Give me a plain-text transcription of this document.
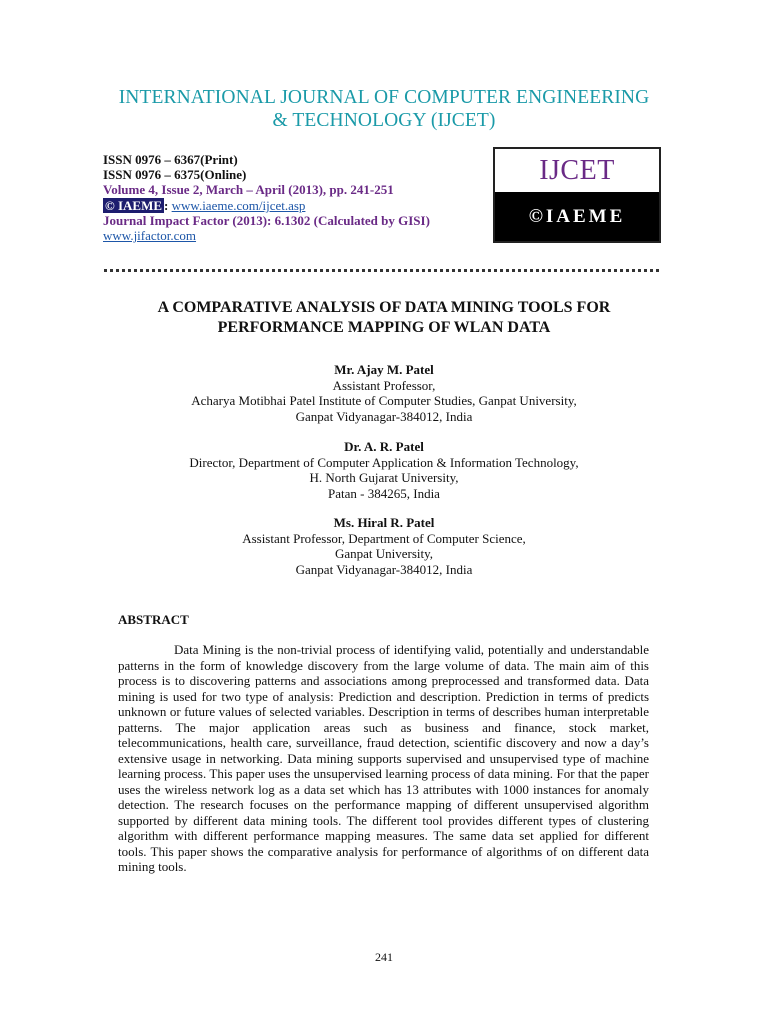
INTERNATIONAL JOURNAL OF COMPUTER ENGINEERING
& TECHNOLOGY (IJCET)
ISSN 0976 – 6367(Print)
ISSN 0976 – 6375(Online)
Volume 4, Issue 2, March – April (2013), pp. 241-251
© IAEME : www.iaeme.com/ijcet.asp
Journal Impact Factor (2013): 6.1302 (Calculated by GISI)
www.jifactor.com
IJCET
©IAEME
A COMPARATIVE ANALYSIS OF DATA MINING TOOLS FOR
PERFORMANCE MAPPING OF WLAN DATA
Mr. Ajay M. Patel
Assistant Professor,
Acharya Motibhai Patel Institute of Computer Studies, Ganpat University,
Ganpat Vidyanagar-384012, India
Dr. A. R. Patel
Director, Department of Computer Application & Information Technology,
H. North Gujarat University,
Patan - 384265, India
Ms. Hiral R. Patel
Assistant Professor, Department of Computer Science,
Ganpat University,
Ganpat Vidyanagar-384012, India
ABSTRACT
Data Mining is the non-trivial process of identifying valid, potentially and understandable patterns in the form of knowledge discovery from the large volume of data. The main aim of this process is to discovering patterns and associations among preprocessed and transformed data. Data mining is used for two type of analysis: Prediction and description. Prediction in terms of predicts unknown or future values of selected variables. Description in terms of describes human interpretable patterns. The major application areas such as business and finance, stock market, telecommunications, health care, surveillance, fraud detection, scientific discovery and now a day’s extensive usage in networking. Data mining supports supervised and unsupervised type of machine learning process. This paper uses the unsupervised learning process of data mining. For that the paper uses the wireless network log as a data set which has 13 attributes with 1000 instances for anomaly detection. The research focuses on the performance mapping of different unsupervised algorithm supported by different data mining tools. The different tool provides different types of clustering algorithm with different performance mapping measures. The same data set applied for different tools. This paper shows the comparative analysis for performance of algorithms of on different data mining tools.
241
